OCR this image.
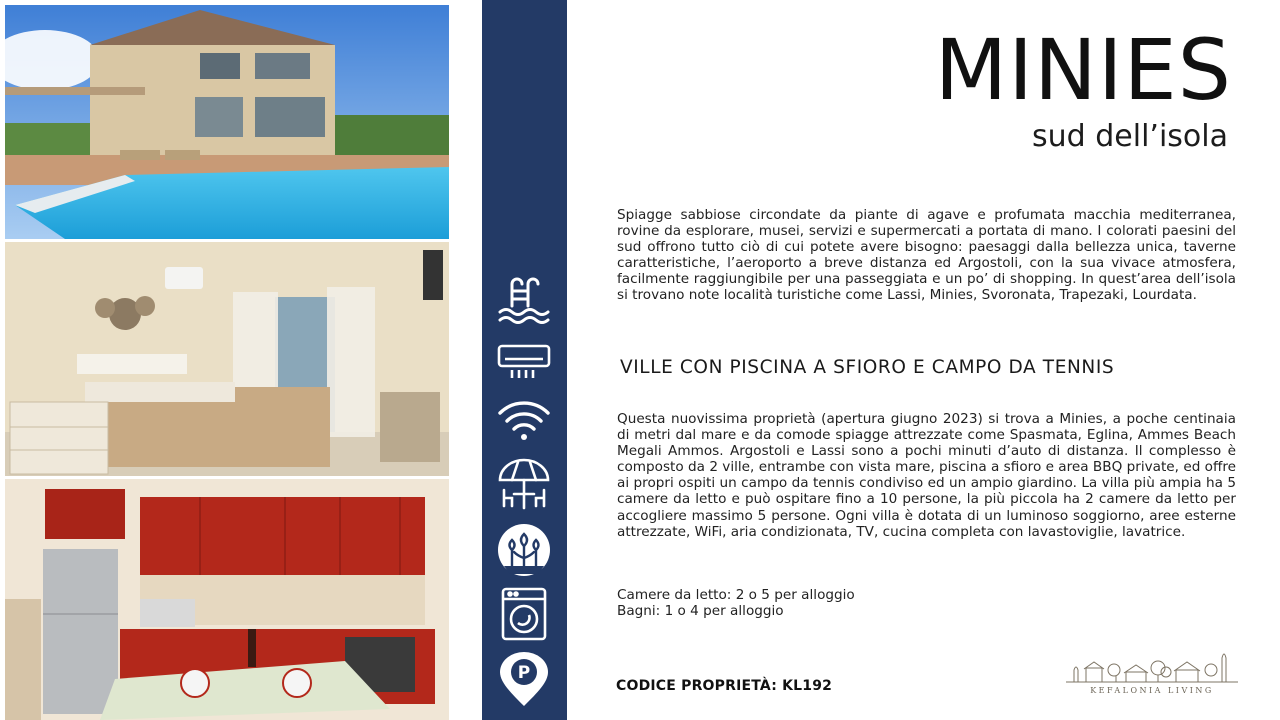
P
MINIES
sud dell’isola

Spiagge sabbiose circondate da piante di agave e profumata macchia mediterranea, rovine da esplorare, musei, servizi e supermercati a portata di mano. I colorati paesini del sud offrono tutto ciò di cui potete avere bisogno: paesaggi dalla bellezza unica, taverne caratteristiche, l’aeroporto a breve distanza ed Argostoli, con la sua vivace atmosfera, facilmente raggiungibile per una passeggiata e un po’ di shopping. In quest’area dell’isola si trovano note località turistiche come Lassi, Minies, Svoronata, Trapezaki, Lourdata.

VILLE CON PISCINA A SFIORO E CAMPO DA TENNIS

Questa nuovissima proprietà (apertura giugno 2023) si trova a Minies, a poche centinaia di metri dal mare e da comode spiagge attrezzate come Spasmata, Eglina, Ammes Beach Megali Ammos. Argostoli e Lassi sono a pochi minuti d’auto di distanza. Il complesso è composto da 2 ville, entrambe con vista mare, piscina a sfioro e area BBQ private, ed offre ai propri ospiti un campo da tennis condiviso ed un ampio giardino. La villa più ampia ha 5 camere da letto e può ospitare fino a 10 persone, la più piccola ha 2 camere da letto per accogliere massimo 5 persone. Ogni villa è dotata di un luminoso soggiorno, aree esterne attrezzate, WiFi, aria condizionata, TV, cucina completa con lavastoviglie, lavatrice.

Camere da letto: 2 o 5 per alloggio
Bagni: 1 o 4 per alloggio
CODICE PROPRIETÀ: KL192	KEFALONIA LIVING
